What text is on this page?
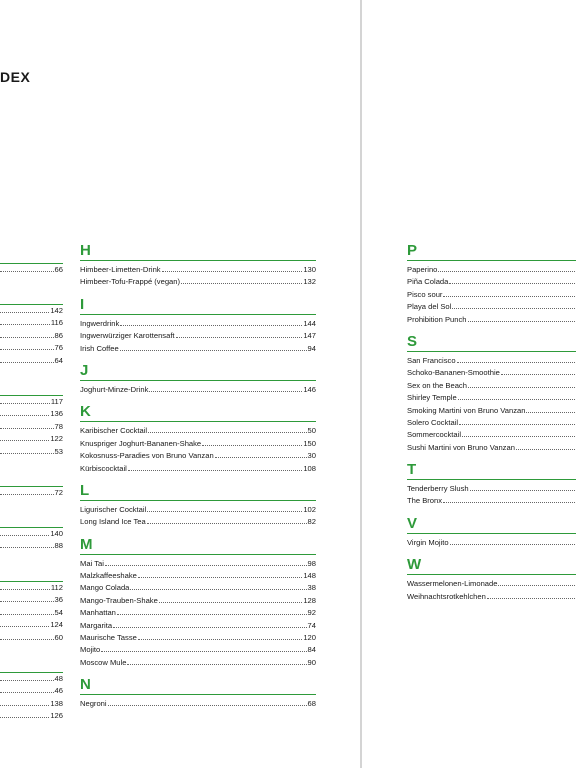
DEX
66
142
116
86
76
64
117
136
78
122
53
72
140
88
112
36
54
124
60
48
46
138
126
H
Himbeer-Limetten-Drink	130
Himbeer-Tofu-Frappé (vegan)	132
I
Ingwerdrink	144
Ingwerwürziger Karottensaft	147
Irish Coffee	94
J
Joghurt-Minze-Drink	146
K
Karibischer Cocktail	50
Knuspriger Joghurt-Bananen-Shake	150
Kokosnuss-Paradies von Bruno Vanzan	30
Kürbiscocktail	108
L
Ligurischer Cocktail	102
Long Island Ice Tea	82
M
Mai Tai	98
Malzkaffeeshake	148
Mango Colada	38
Mango-Trauben-Shake	128
Manhattan	92
Margarita	74
Maurische Tasse	120
Mojito	84
Moscow Mule	90
N
Negroni	68
P
Paperino
Piña Colada
Pisco sour
Playa del Sol
Prohibition Punch
S
San Francisco
Schoko-Bananen-Smoothie
Sex on the Beach
Shirley Temple
Smoking Martini von Bruno Vanzan
Solero Cocktail
Sommercocktail
Sushi Martini von Bruno Vanzan
T
Tenderberry Slush
The Bronx
V
Virgin Mojito
W
Wassermelonen-Limonade
Weihnachtsrotkehlchen
